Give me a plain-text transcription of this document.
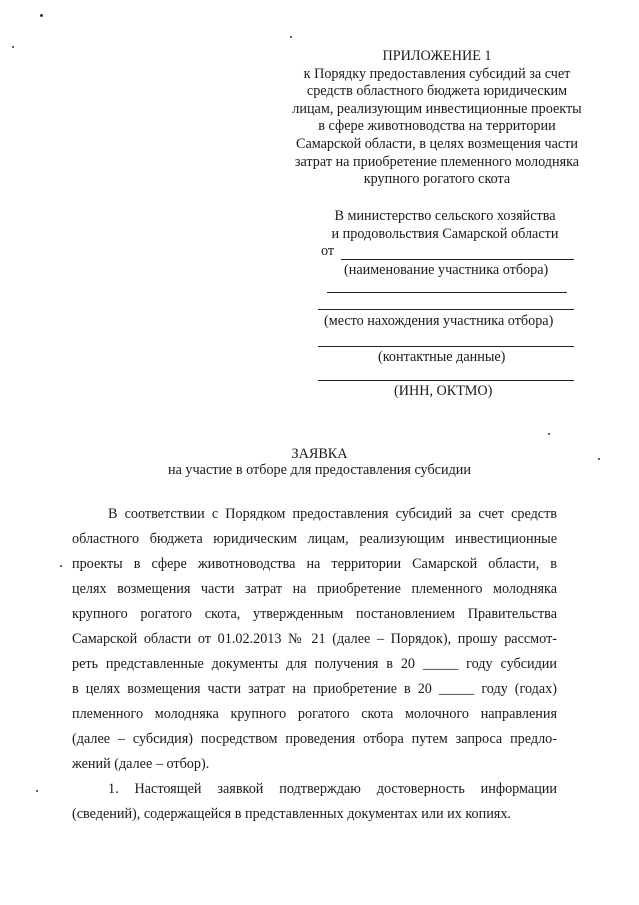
ПРИЛОЖЕНИЕ 1
к Порядку предоставления субсидий за счет
средств областного бюджета юридическим
лицам, реализующим инвестиционные проекты
в сфере животноводства на территории
Самарской области, в целях возмещения части
затрат на приобретение племенного молодняка
крупного рогатого скота
В министерство сельского хозяйства
и продовольствия Самарской области
от
(наименование участника отбора)
(место нахождения участника отбора)
(контактные данные)
(ИНН, ОКТМО)
ЗАЯВКА
на участие в отборе для предоставления субсидии
В соответствии с Порядком предоставления субсидий за счет средств
областного бюджета юридическим лицам, реализующим инвестиционные
проекты в сфере животноводства на территории Самарской области, в
целях возмещения части затрат на приобретение племенного молодняка
крупного рогатого скота, утвержденным постановлением Правительства
Самарской области от 01.02.2013 № 21 (далее – Порядок), прошу рассмот-
реть представленные документы для получения в 20 _____ году субсидии
в целях возмещения части затрат на приобретение в 20 _____ году (годах)
племенного молодняка крупного рогатого скота молочного направления
(далее – субсидия) посредством проведения отбора путем запроса предло-
жений (далее – отбор).
1. Настоящей заявкой подтверждаю достоверность информации
(сведений), содержащейся в представленных документах или их копиях.
